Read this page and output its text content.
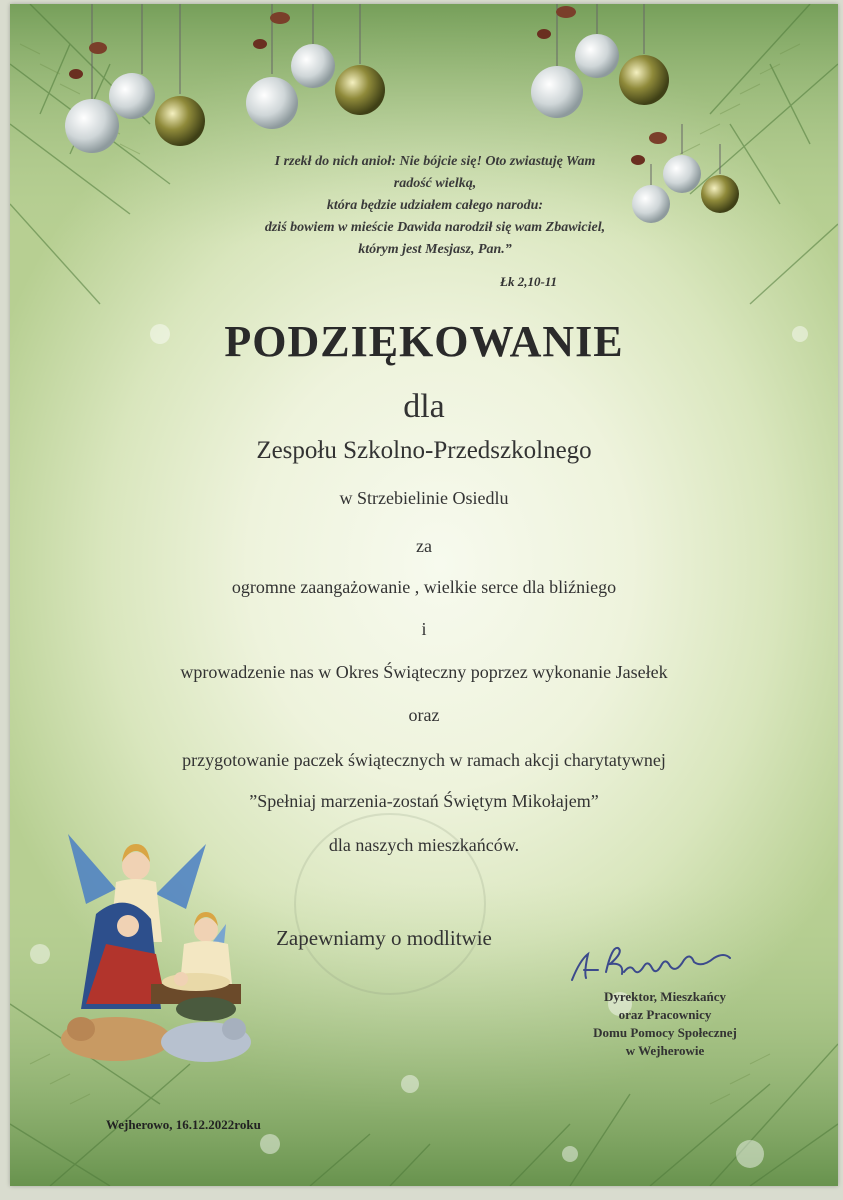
I rzekł do nich anioł: Nie bójcie się! Oto zwiastuję Wam
radość wielką,
która będzie udziałem całego narodu:
dziś bowiem w mieście Dawida narodził się wam Zbawiciel,
którym jest Mesjasz, Pan.”
Łk 2,10-11
PODZIĘKOWANIE
dla
Zespołu Szkolno-Przedszkolnego
w Strzebielinie Osiedlu
za
ogromne zaangażowanie , wielkie serce dla bliźniego
i
wprowadzenie nas w Okres Świąteczny poprzez wykonanie Jasełek
oraz
przygotowanie paczek świątecznych w ramach akcji charytatywnej
”Spełniaj marzenia-zostań Świętym Mikołajem”
dla naszych mieszkańców.
Zapewniamy o modlitwie
Dyrektor, Mieszkańcy
oraz Pracownicy
Domu Pomocy Społecznej
w Wejherowie
Wejherowo, 16.12.2022roku
